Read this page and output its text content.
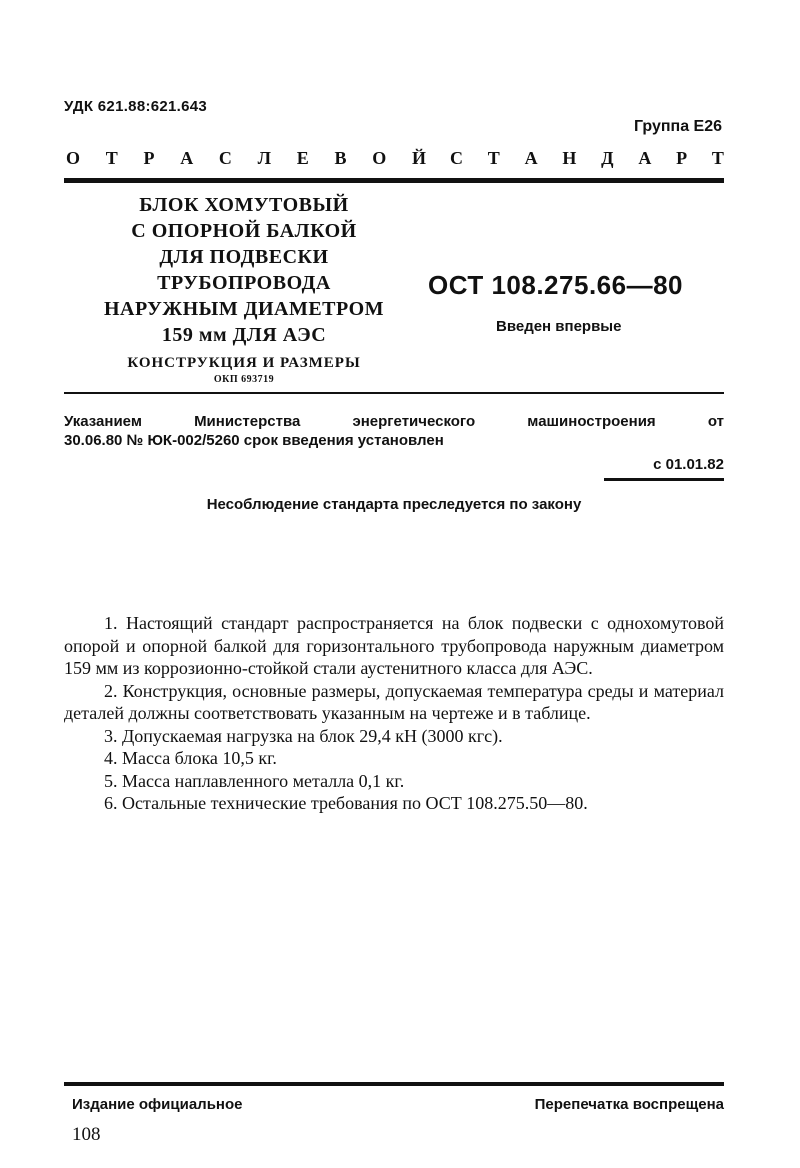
УДК 621.88:621.643
Группа Е26
О Т Р А С Л Е В О Й С Т А Н Д А Р Т
БЛОК ХОМУТОВЫЙ
С ОПОРНОЙ БАЛКОЙ
ДЛЯ ПОДВЕСКИ
ТРУБОПРОВОДА
НАРУЖНЫМ ДИАМЕТРОМ
159 мм ДЛЯ АЭС
КОНСТРУКЦИЯ И РАЗМЕРЫ
ОКП 693719
ОСТ 108.275.66—80
Введен впервые
Указанием	Министерства	энергетического	машиностроения	от
30.06.80 № ЮК-002/5260 срок введения установлен
с 01.01.82
Несоблюдение стандарта преследуется по закону

1. Настоящий стандарт распространяется на блок подвески с однохомутовой опорой и опорной балкой для горизонтального трубопровода наружным диаметром 159 мм из коррозионно-стойкой стали аустенитного класса для АЭС.

2. Конструкция, основные размеры, допускаемая температура среды и материал деталей должны соответствовать указанным на чертеже и в таблице.

3. Допускаемая нагрузка на блок 29,4 кН (3000 кгс).

4. Масса блока 10,5 кг.

5. Масса наплавленного металла 0,1 кг.

6. Остальные технические требования по ОСТ 108.275.50—80.

Издание официальное	Перепечатка воспрещена
108
